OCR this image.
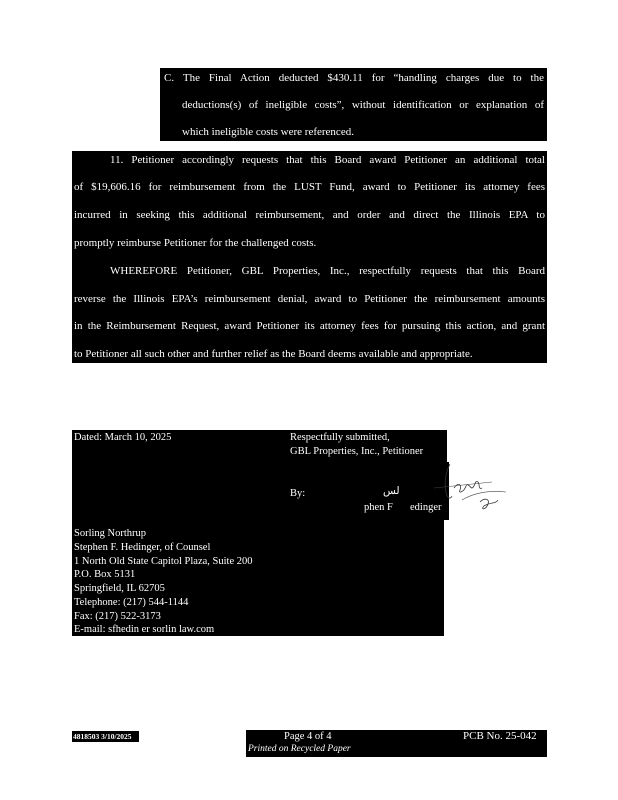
C. The Final Action deducted $430.11 for “handling charges due to the
deductions(s) of ineligible costs”, without identification or explanation of
which ineligible costs were referenced.
11. Petitioner accordingly requests that this Board award Petitioner an additional total
of $19,606.16 for reimbursement from the LUST Fund, award to Petitioner its attorney fees
incurred in seeking this additional reimbursement, and order and direct the Illinois EPA to
promptly reimburse Petitioner for the challenged costs.
WHEREFORE Petitioner, GBL Properties, Inc., respectfully requests that this Board
reverse the Illinois EPA’s reimbursement denial, award to Petitioner the reimbursement amounts
in the Reimbursement Request, award Petitioner its attorney fees for pursuing this action, and grant
to Petitioner all such other and further relief as the Board deems available and appropriate.
Dated: March 10, 2025	Respectfully submitted,
GBL Properties, Inc., Petitioner
By:	لس
phen F edinger
Sorling Northrup
Stephen F. Hedinger, of Counsel
1 North Old State Capitol Plaza, Suite 200
P.O. Box 5131
Springfield, IL 62705
Telephone: (217) 544-1144
Fax: (217) 522-3173
E-mail: sfhedin er sorlin law.com
4818503 3/10/2025	Page 4 of 4
Printed on Recycled Paper
PCB No. 25-042
